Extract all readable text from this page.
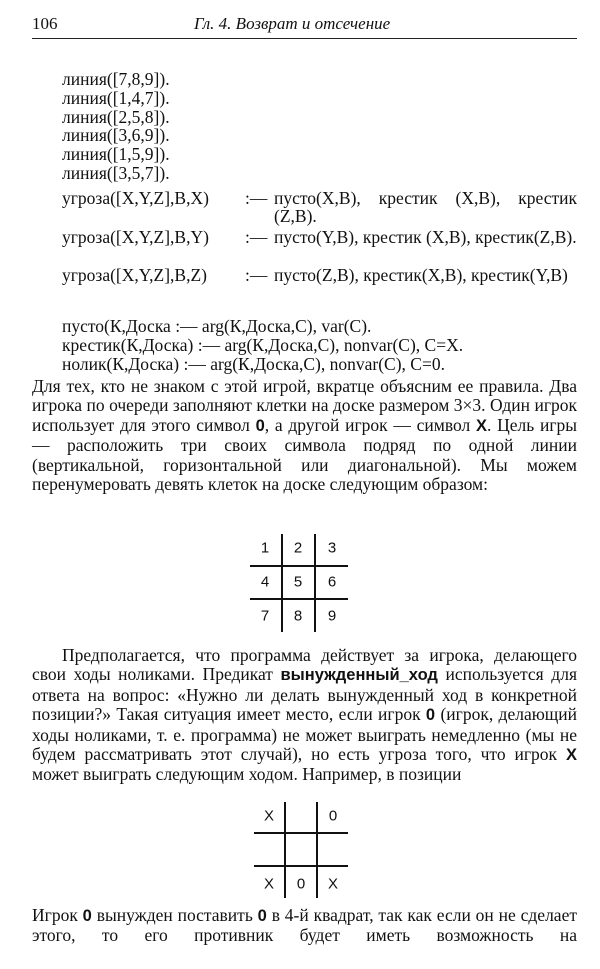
106	Гл. 4. Возврат и отсечение
линия([7,8,9]).
линия([1,4,7]).
линия([2,5,8]).
линия([3,6,9]).
линия([1,5,9]).
линия([3,5,7]).
угроза([X,Y,Z],B,X) :— пусто(X,B), крестик (X,B), крестик (Z,B).
угроза([X,Y,Z],B,Y) :— пусто(Y,B), крестик (X,B), крестик(Z,B).
угроза([X,Y,Z],B,Z) :— пусто(Z,B), крестик(X,B), крестик(Y,B)
пусто(К,Доска :— arg(К,Доска,С), var(С).
крестик(К,Доска) :— arg(К,Доска,С), nonvar(С), С=X.
нолик(К,Доска) :— arg(К,Доска,С), nonvar(С), С=0.
Для тех, кто не знаком с этой игрой, вкратце объясним ее правила. Два игрока по очереди заполняют клетки на доске размером 3×3. Один игрок использует для этого символ 0, а другой игрок — символ X. Цель игры — расположить три своих символа подряд по одной линии (вертикальной, горизонтальной или диагональной). Мы можем перенумеровать девять клеток на доске следующим образом:
1 2 3
4 5 6
7 8 9
Предполагается, что программа действует за игрока, делающего свои ходы ноликами. Предикат вынужденный_ход используется для ответа на вопрос: «Нужно ли делать вынужденный ход в конкретной позиции?» Такая ситуация имеет место, если игрок 0 (игрок, делающий ходы ноликами, т. е. программа) не может выиграть немедленно (мы не будем рассматривать этот случай), но есть угроза того, что игрок X может выиграть следующим ходом. Например, в позиции
X	0
X 0 X
Игрок 0 вынужден поставить 0 в 4-й квадрат, так как если он не сделает этого, то его противник будет иметь возможность на
